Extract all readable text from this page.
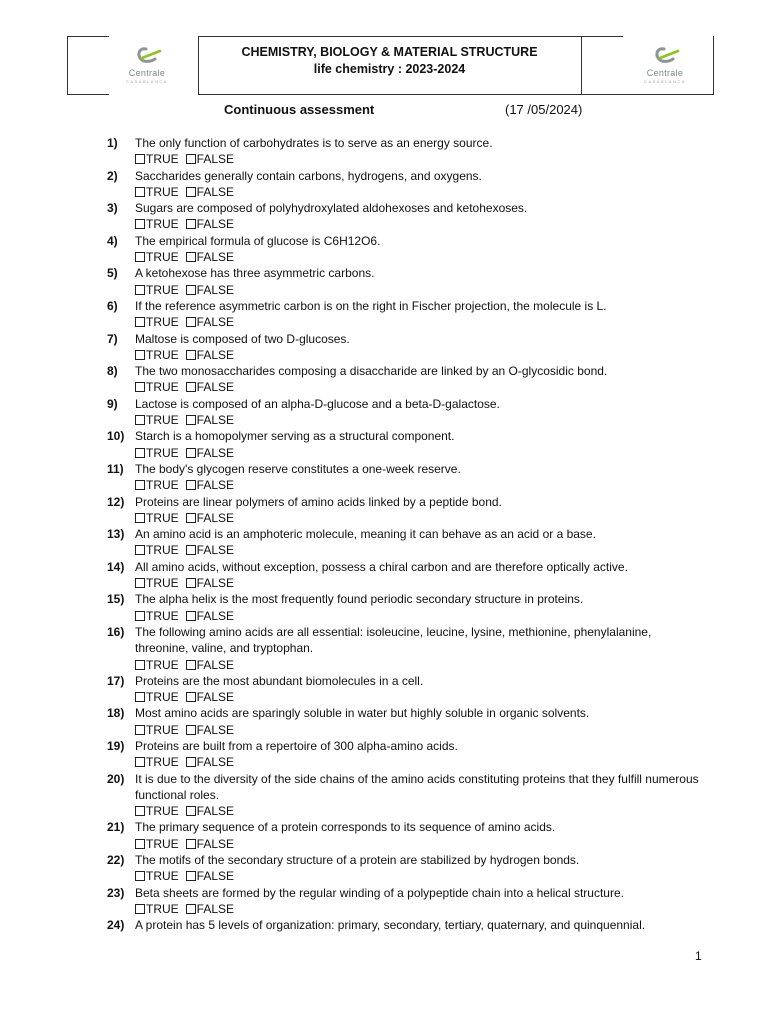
Centrale
CASABLANCA
CHEMISTRY, BIOLOGY & MATERIAL STRUCTURE
life chemistry : 2023-2024	Centrale
CASABLANCA
Continuous assessment	(17 /05/2024)
1)	The only function of carbohydrates is to serve as an energy source.
TRUE FALSE
2)	Saccharides generally contain carbons, hydrogens, and oxygens.
TRUE FALSE
3)	Sugars are composed of polyhydroxylated aldohexoses and ketohexoses.
TRUE FALSE
4)	The empirical formula of glucose is C6H12O6.
TRUE FALSE
5)	A ketohexose has three asymmetric carbons.
TRUE FALSE
6)	If the reference asymmetric carbon is on the right in Fischer projection, the molecule is L.
TRUE FALSE
7)	Maltose is composed of two D-glucoses.
TRUE FALSE
8)	The two monosaccharides composing a disaccharide are linked by an O-glycosidic bond.
TRUE FALSE
9)	Lactose is composed of an alpha-D-glucose and a beta-D-galactose.
TRUE FALSE
10) Starch is a homopolymer serving as a structural component.
TRUE FALSE
11) The body's glycogen reserve constitutes a one-week reserve.
TRUE FALSE
12) Proteins are linear polymers of amino acids linked by a peptide bond.
TRUE FALSE
13) An amino acid is an amphoteric molecule, meaning it can behave as an acid or a base.
TRUE FALSE
14) All amino acids, without exception, possess a chiral carbon and are therefore optically active.
TRUE FALSE
15) The alpha helix is the most frequently found periodic secondary structure in proteins.
TRUE FALSE
16) The following amino acids are all essential: isoleucine, leucine, lysine, methionine, phenylalanine, threonine, valine, and tryptophan.
TRUE FALSE
17) Proteins are the most abundant biomolecules in a cell.
TRUE FALSE
18) Most amino acids are sparingly soluble in water but highly soluble in organic solvents.
TRUE FALSE
19) Proteins are built from a repertoire of 300 alpha-amino acids.
TRUE FALSE
20) It is due to the diversity of the side chains of the amino acids constituting proteins that they fulfill numerous functional roles.
TRUE FALSE
21) The primary sequence of a protein corresponds to its sequence of amino acids.
TRUE FALSE
22) The motifs of the secondary structure of a protein are stabilized by hydrogen bonds.
TRUE FALSE
23) Beta sheets are formed by the regular winding of a polypeptide chain into a helical structure.
TRUE FALSE
24) A protein has 5 levels of organization: primary, secondary, tertiary, quaternary, and quinquennial.
1
